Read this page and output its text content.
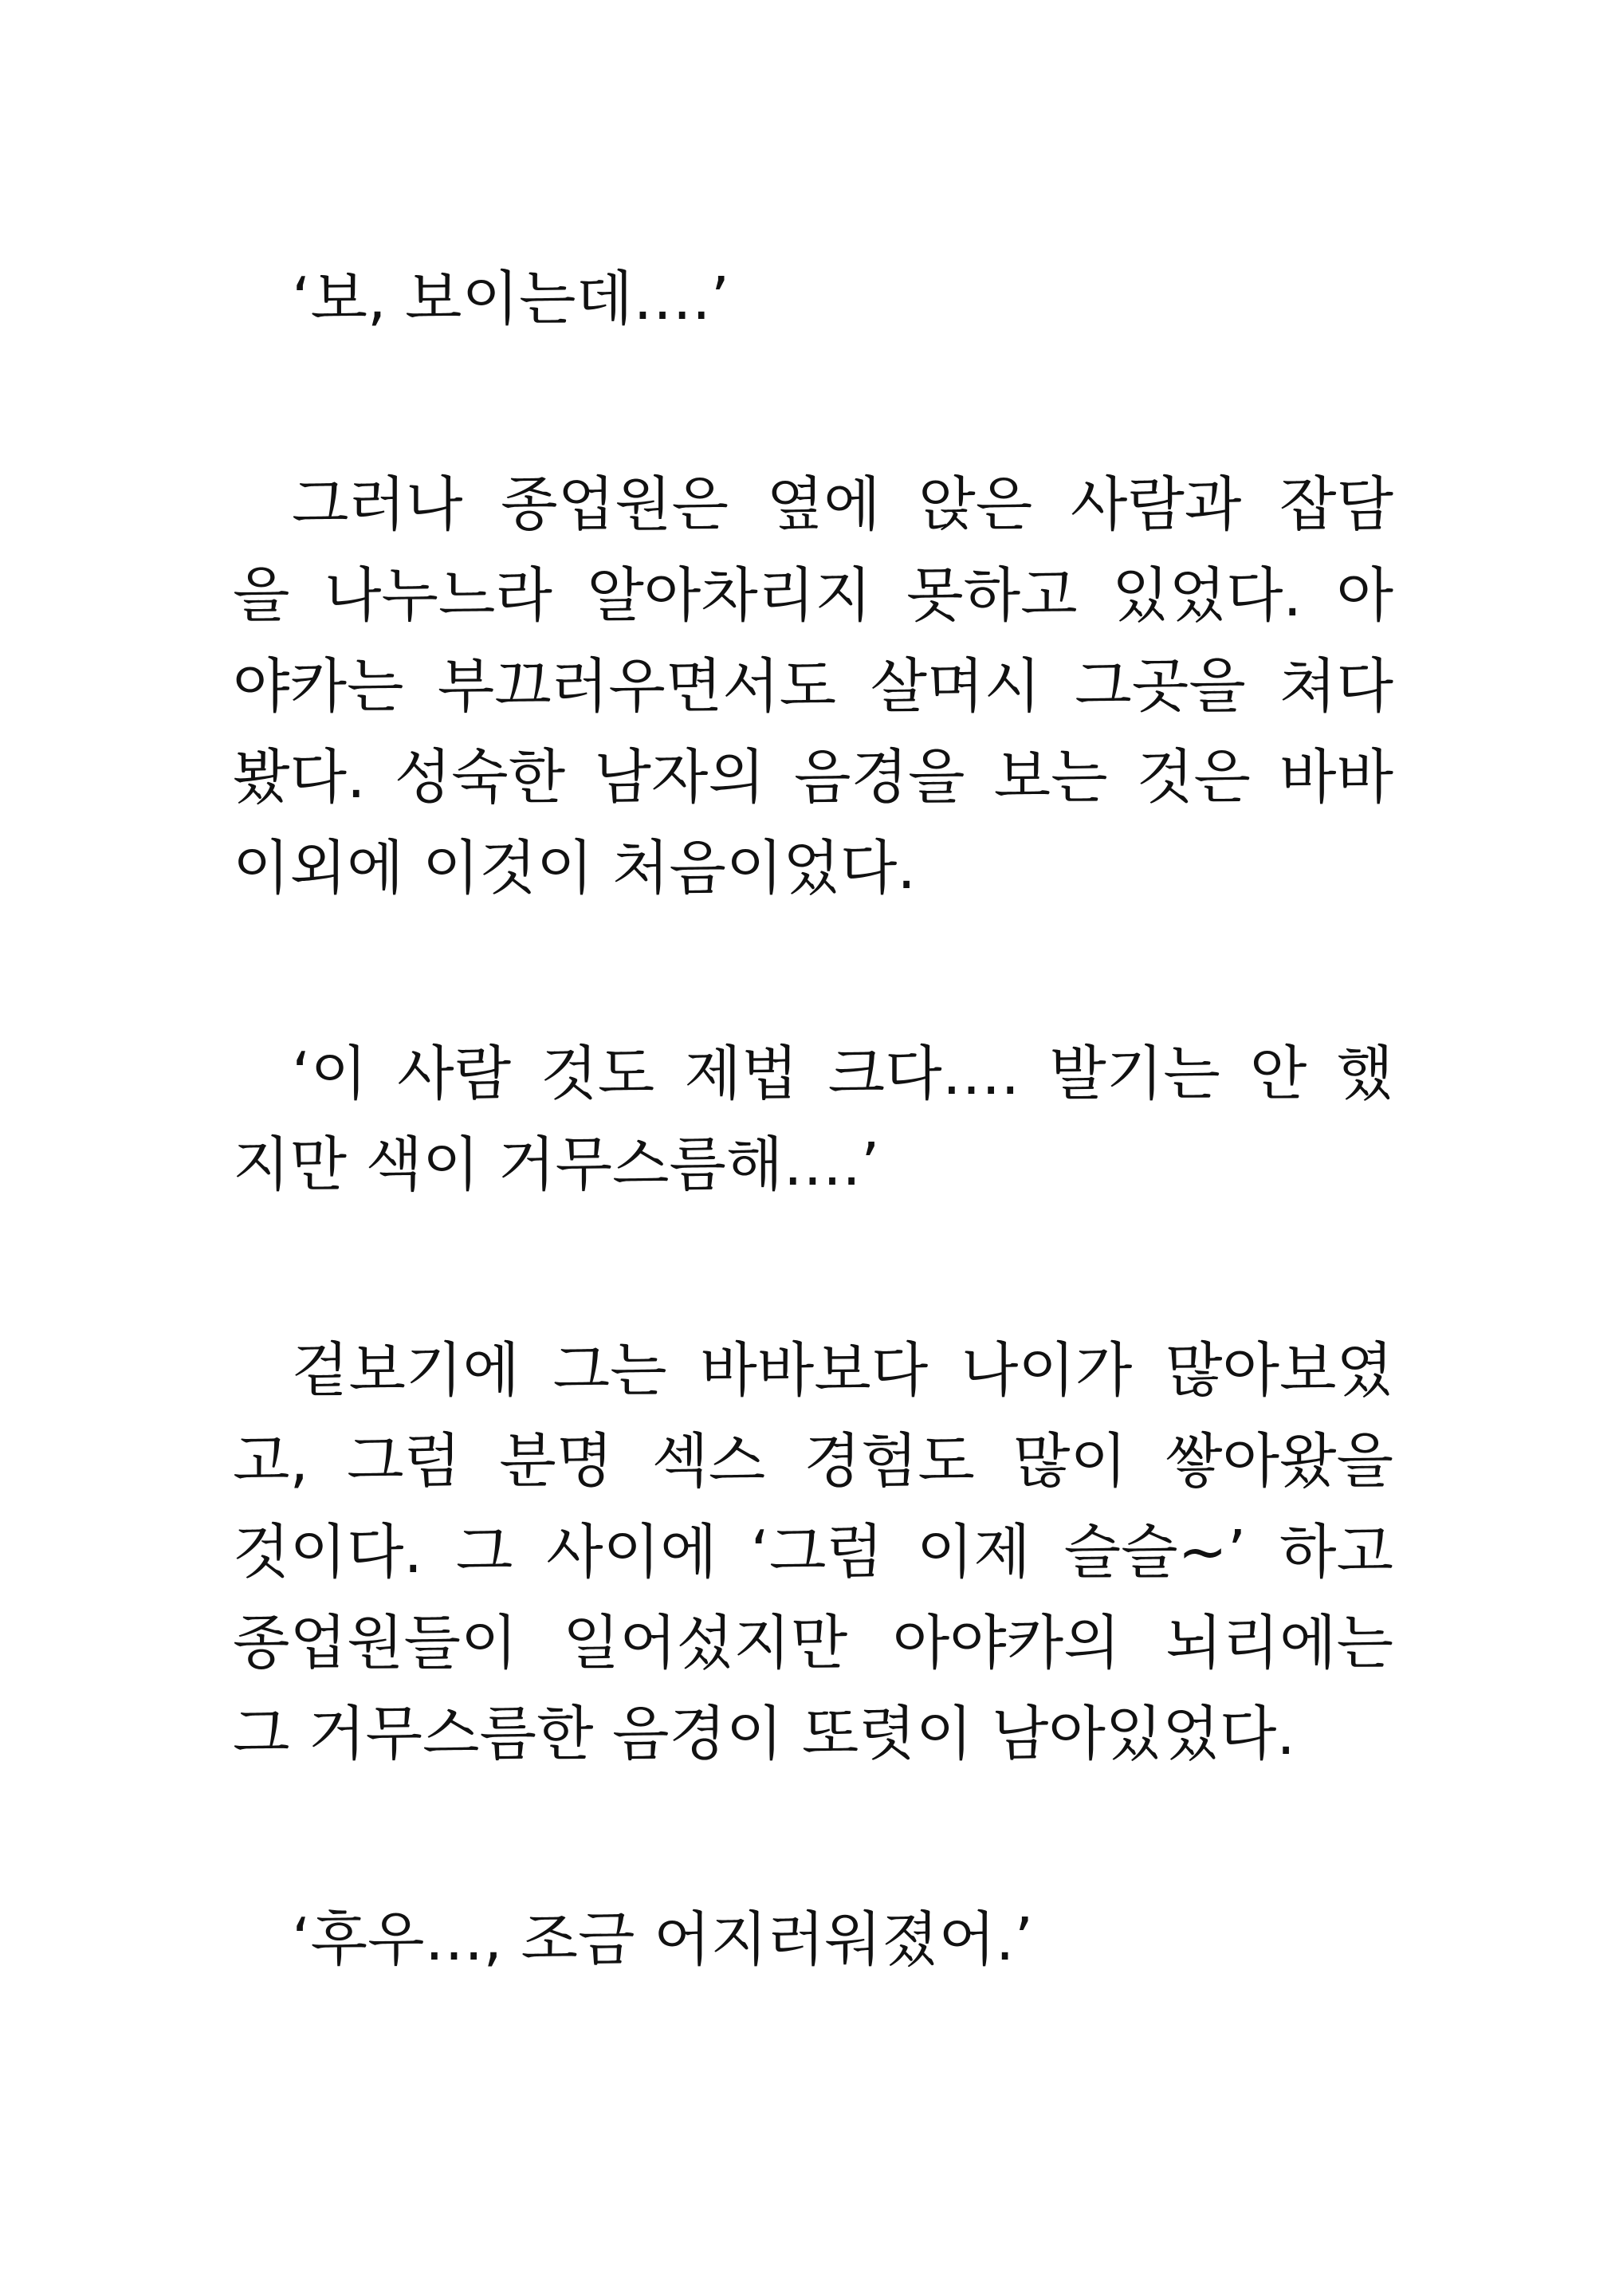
‘보, 보이는데….’
그러나 종업원은 옆에 앉은 사람과 잡담
을 나누느라 알아차리지 못하고 있었다. 아
야카는 부끄러우면서도 살며시 그곳을 쳐다
봤다. 성숙한 남자의 음경을 보는 것은 바바
이외에 이것이 처음이었다.
‘이 사람 것도 제법 크다…. 발기는 안 했
지만 색이 거무스름해….’
겉보기에 그는 바바보다 나이가 많아보였
고, 그럼 분명 섹스 경험도 많이 쌓아왔을
것이다. 그 사이에 ‘그럼 이제 슬슬~’ 하고
종업원들이 일어섰지만 아야카의 뇌리에는
그 거무스름한 음경이 또렷이 남아있었다.
‘후우…, 조금 어지러워졌어.’
